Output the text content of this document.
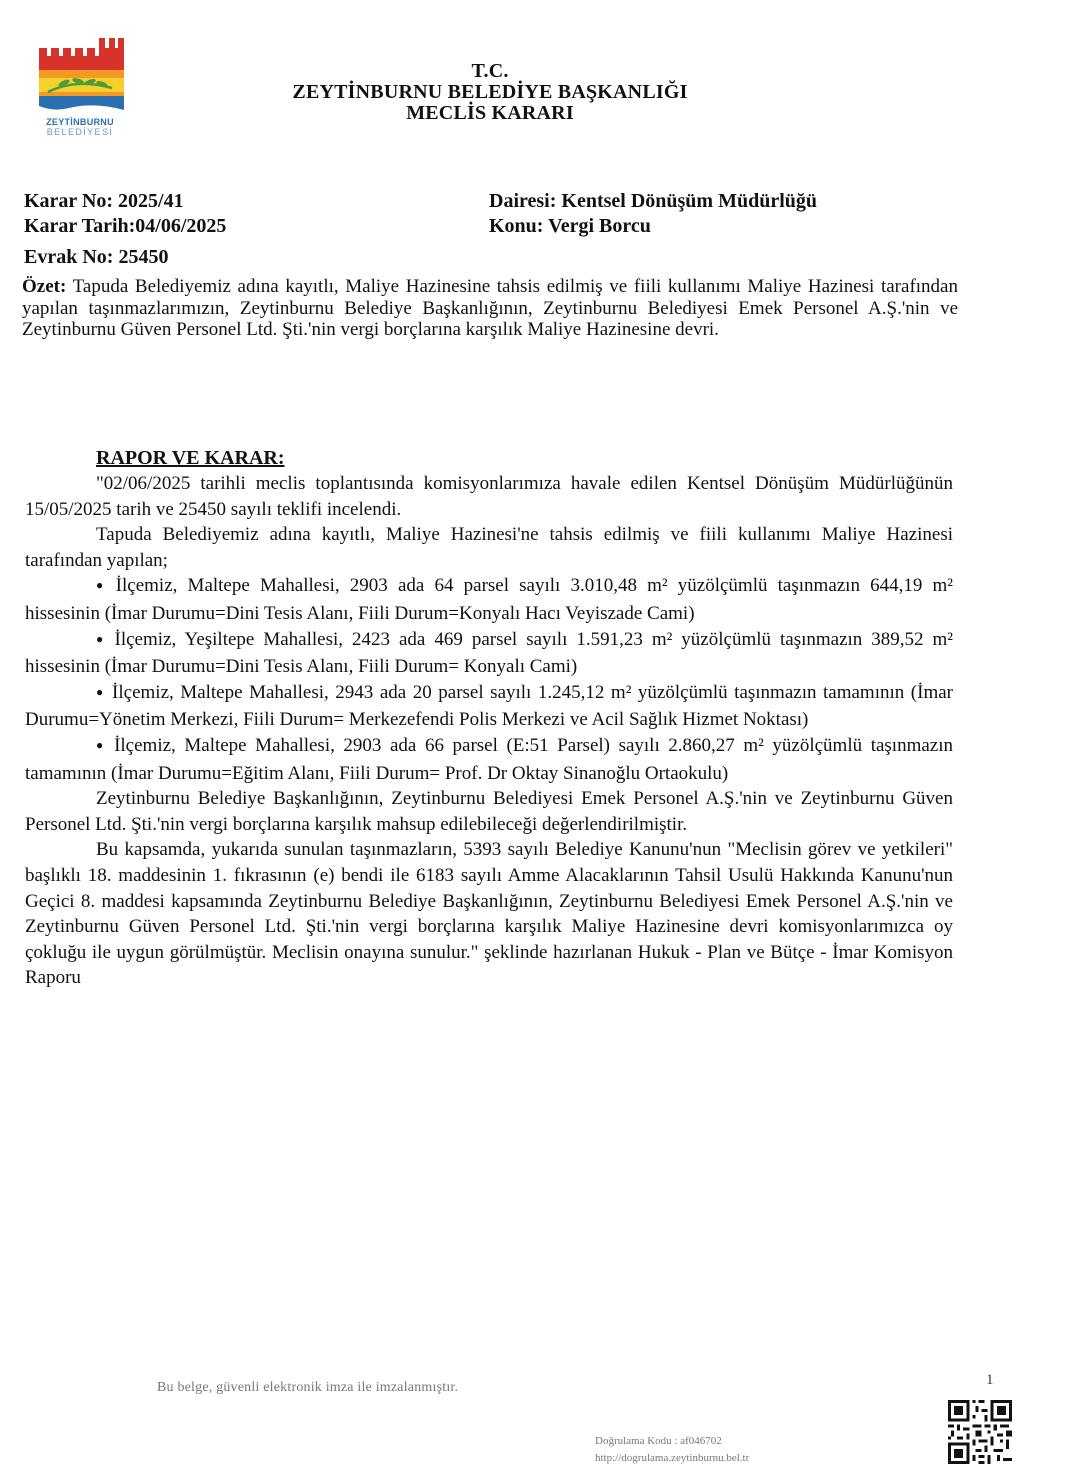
ZEYTİNBURNU
BELEDİYESİ
T.C.
ZEYTİNBURNU BELEDİYE BAŞKANLIĞI
MECLİS KARARI
Karar No: 2025/41
Karar Tarih:04/06/2025
Evrak No: 25450
Dairesi: Kentsel Dönüşüm Müdürlüğü
Konu: Vergi Borcu
Özet: Tapuda Belediyemiz adına kayıtlı, Maliye Hazinesine tahsis edilmiş ve fiili kullanımı Maliye Hazinesi tarafından yapılan taşınmazlarımızın, Zeytinburnu Belediye Başkanlığının, Zeytinburnu Belediyesi Emek Personel A.Ş.'nin ve Zeytinburnu Güven Personel Ltd. Şti.'nin vergi borçlarına karşılık Maliye Hazinesine devri.
RAPOR VE KARAR:

"02/06/2025 tarihli meclis toplantısında komisyonlarımıza havale edilen Kentsel Dönüşüm Müdürlüğünün 15/05/2025 tarih ve 25450 sayılı teklifi incelendi.

Tapuda Belediyemiz adına kayıtlı, Maliye Hazinesi'ne tahsis edilmiş ve fiili kullanımı Maliye Hazinesi tarafından yapılan;

● İlçemiz, Maltepe Mahallesi, 2903 ada 64 parsel sayılı 3.010,48 m² yüzölçümlü taşınmazın 644,19 m² hissesinin (İmar Durumu=Dini Tesis Alanı, Fiili Durum=Konyalı Hacı Veyiszade Cami)

● İlçemiz, Yeşiltepe Mahallesi, 2423 ada 469 parsel sayılı 1.591,23 m² yüzölçümlü taşınmazın 389,52 m² hissesinin (İmar Durumu=Dini Tesis Alanı, Fiili Durum= Konyalı Cami)

● İlçemiz, Maltepe Mahallesi, 2943 ada 20 parsel sayılı 1.245,12 m² yüzölçümlü taşınmazın tamamının (İmar Durumu=Yönetim Merkezi, Fiili Durum= Merkezefendi Polis Merkezi ve Acil Sağlık Hizmet Noktası)

● İlçemiz, Maltepe Mahallesi, 2903 ada 66 parsel (E:51 Parsel) sayılı 2.860,27 m² yüzölçümlü taşınmazın tamamının (İmar Durumu=Eğitim Alanı, Fiili Durum= Prof. Dr Oktay Sinanoğlu Ortaokulu)

Zeytinburnu Belediye Başkanlığının, Zeytinburnu Belediyesi Emek Personel A.Ş.'nin ve Zeytinburnu Güven Personel Ltd. Şti.'nin vergi borçlarına karşılık mahsup edilebileceği değerlendirilmiştir.

Bu kapsamda, yukarıda sunulan taşınmazların, 5393 sayılı Belediye Kanunu'nun "Meclisin görev ve yetkileri" başlıklı 18. maddesinin 1. fıkrasının (e) bendi ile 6183 sayılı Amme Alacaklarının Tahsil Usulü Hakkında Kanunu'nun Geçici 8. maddesi kapsamında Zeytinburnu Belediye Başkanlığının, Zeytinburnu Belediyesi Emek Personel A.Ş.'nin ve Zeytinburnu Güven Personel Ltd. Şti.'nin vergi borçlarına karşılık Maliye Hazinesine devri komisyonlarımızca oy çokluğu ile uygun görülmüştür. Meclisin onayına sunulur." şeklinde hazırlanan Hukuk - Plan ve Bütçe - İmar Komisyon Raporu

Bu belge, güvenli elektronik imza ile imzalanmıştır.	1
Doğrulama Kodu : af046702
http://dogrulama.zeytinburnu.bel.tr
